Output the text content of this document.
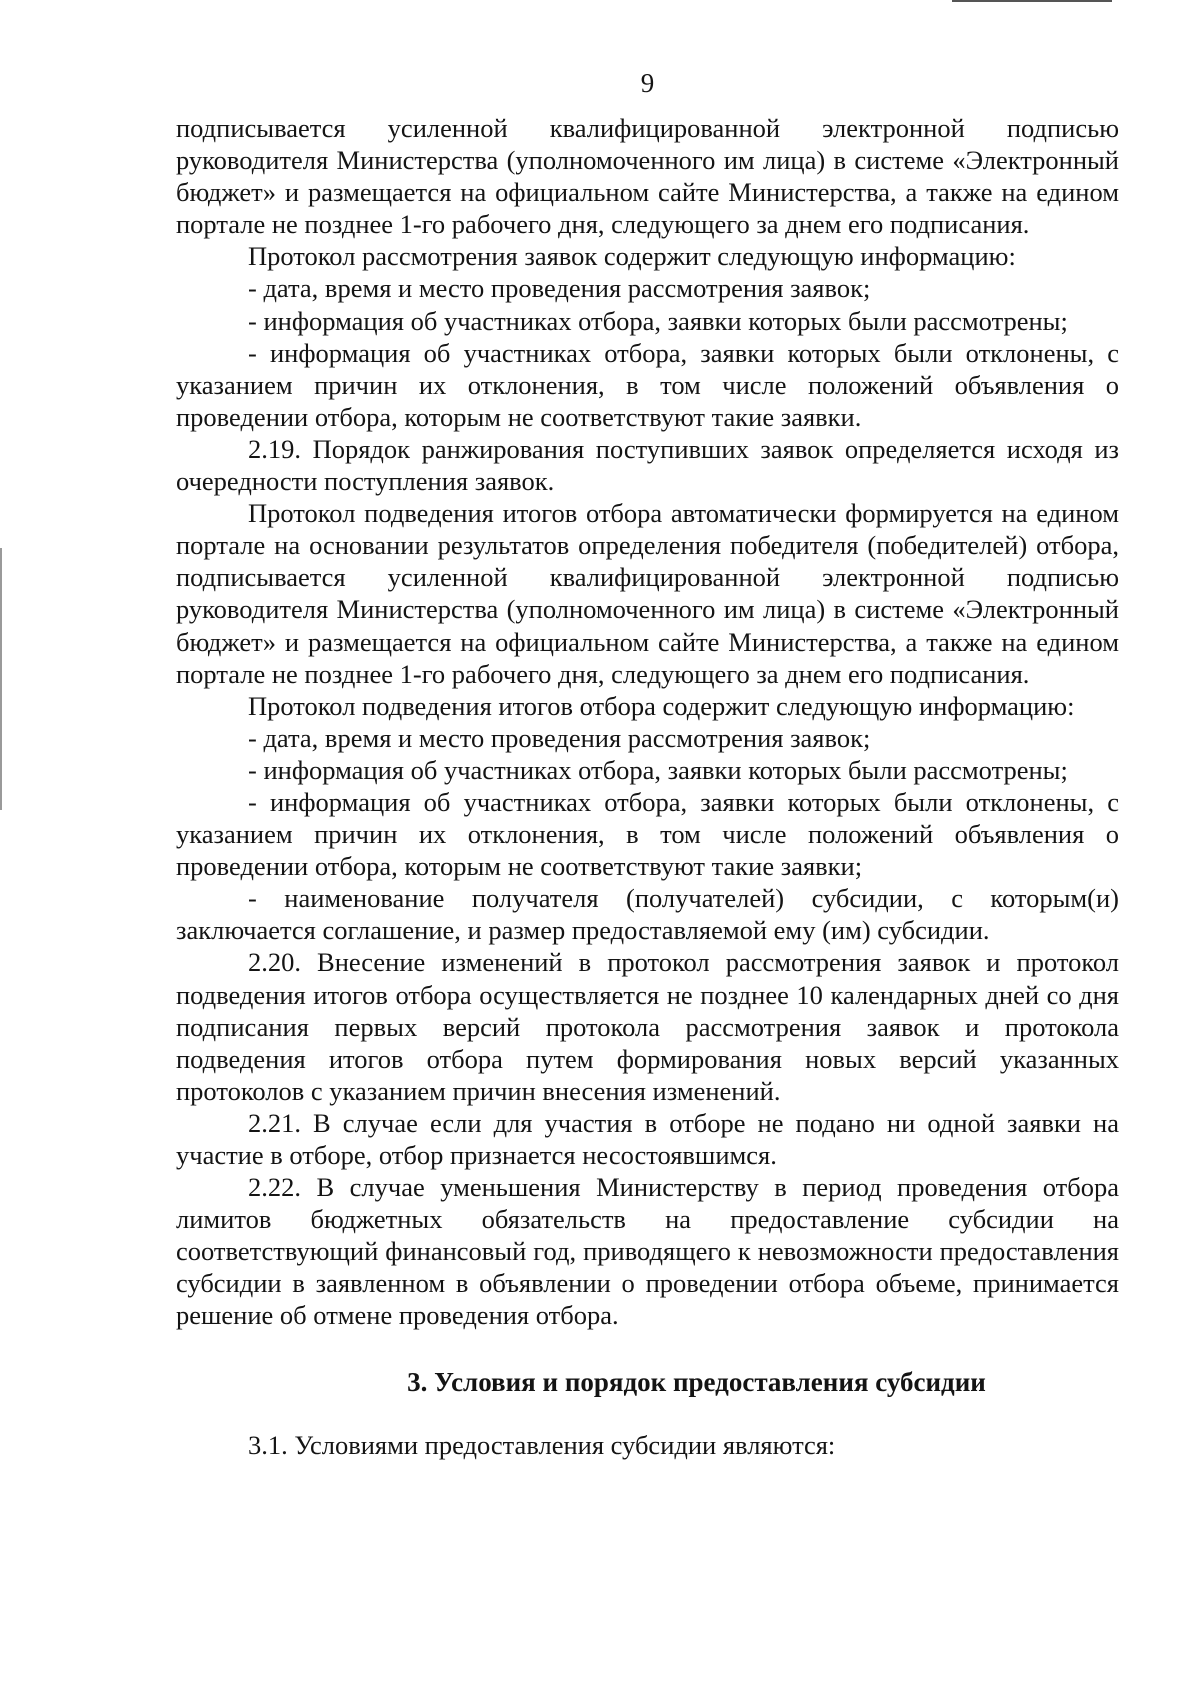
9

подписывается усиленной квалифицированной электронной подписью руководителя Министерства (уполномоченного им лица) в системе «Электронный бюджет» и размещается на официальном сайте Министерства, а также на едином портале не позднее 1-го рабочего дня, следующего за днем его подписания.

Протокол рассмотрения заявок содержит следующую информацию:

- дата, время и место проведения рассмотрения заявок;

- информация об участниках отбора, заявки которых были рассмотрены;

- информация об участниках отбора, заявки которых были отклонены, с указанием причин их отклонения, в том числе положений объявления о проведении отбора, которым не соответствуют такие заявки.

2.19. Порядок ранжирования поступивших заявок определяется исходя из очередности поступления заявок.

Протокол подведения итогов отбора автоматически формируется на едином портале на основании результатов определения победителя (победителей) отбора, подписывается усиленной квалифицированной электронной подписью руководителя Министерства (уполномоченного им лица) в системе «Электронный бюджет» и размещается на официальном сайте Министерства, а также на едином портале не позднее 1-го рабочего дня, следующего за днем его подписания.

Протокол подведения итогов отбора содержит следующую информацию:

- дата, время и место проведения рассмотрения заявок;

- информация об участниках отбора, заявки которых были рассмотрены;

- информация об участниках отбора, заявки которых были отклонены, с указанием причин их отклонения, в том числе положений объявления о проведении отбора, которым не соответствуют такие заявки;

- наименование получателя (получателей) субсидии, с которым(и) заключается соглашение, и размер предоставляемой ему (им) субсидии.

2.20. Внесение изменений в протокол рассмотрения заявок и протокол подведения итогов отбора осуществляется не позднее 10 календарных дней со дня подписания первых версий протокола рассмотрения заявок и протокола подведения итогов отбора путем формирования новых версий указанных протоколов с указанием причин внесения изменений.

2.21. В случае если для участия в отборе не подано ни одной заявки на участие в отборе, отбор признается несостоявшимся.

2.22. В случае уменьшения Министерству в период проведения отбора лимитов бюджетных обязательств на предоставление субсидии на соответствующий финансовый год, приводящего к невозможности предоставления субсидии в заявленном в объявлении о проведении отбора объеме, принимается решение об отмене проведения отбора.

3. Условия и порядок предоставления субсидии

3.1. Условиями предоставления субсидии являются:
